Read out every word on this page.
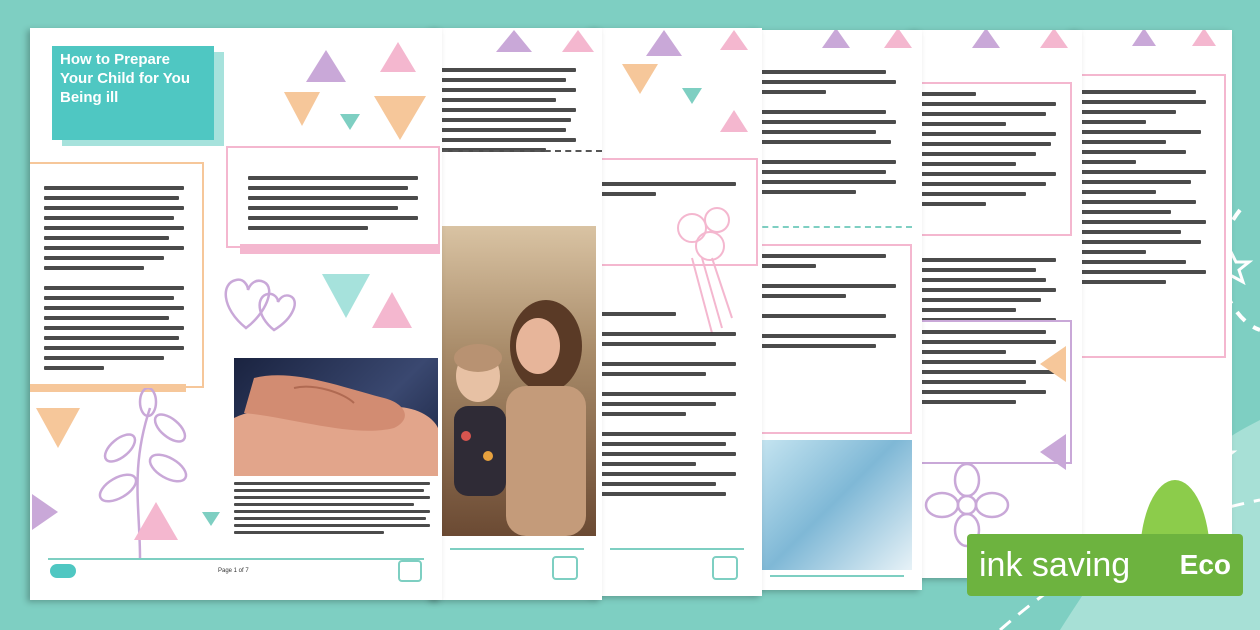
How to Prepare Your Child for You Being ill
Page 1 of 7	ink saving Eco
